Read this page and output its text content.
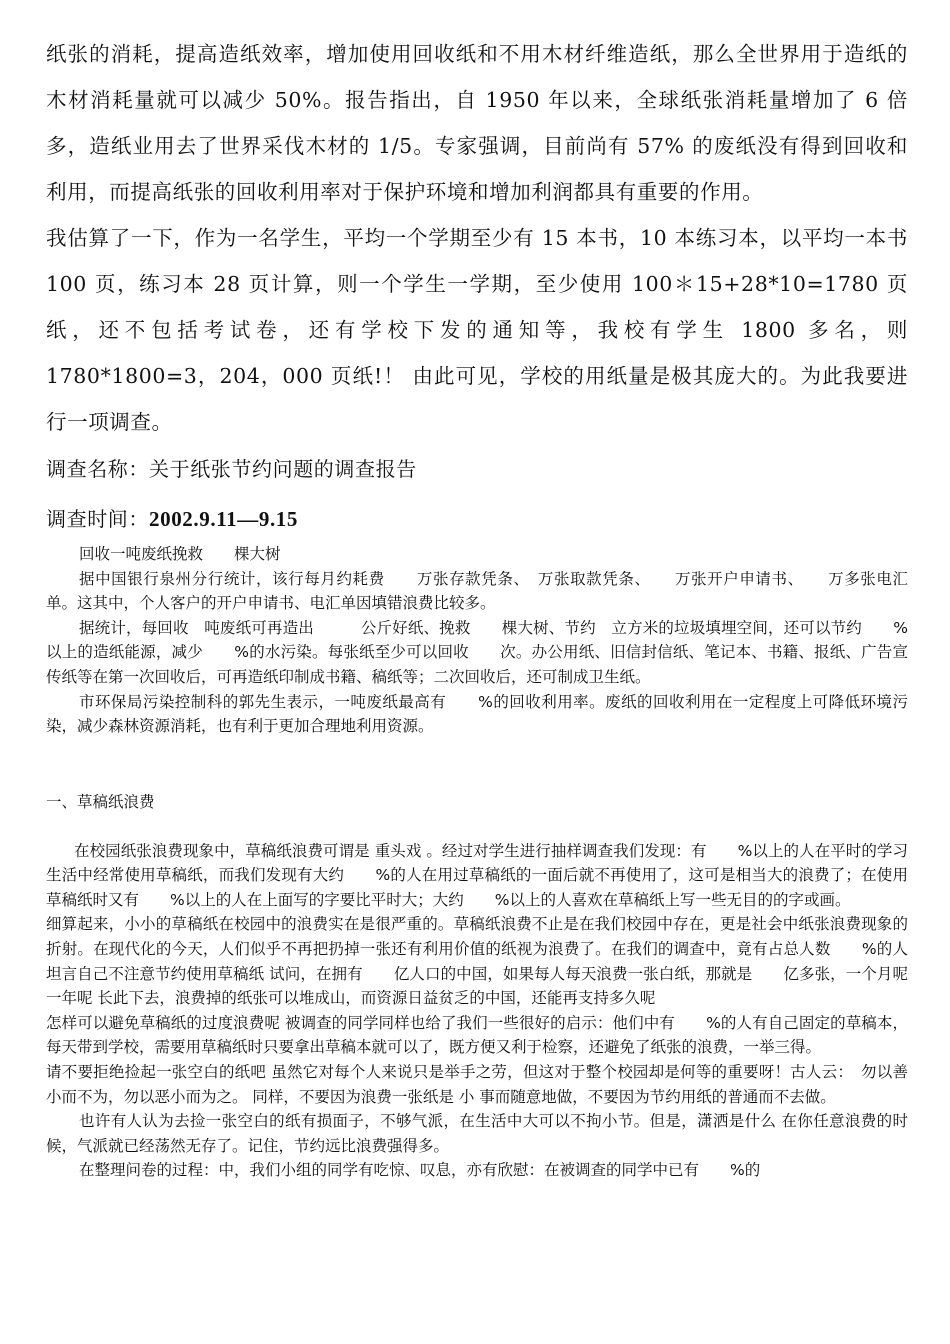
纸张的消耗，提高造纸效率，增加使用回收纸和不用木材纤维造纸，那么全世界用于造纸的木材消耗量就可以减少 50%。报告指出，自 1950 年以来，全球纸张消耗量增加了 6 倍多，造纸业用去了世界采伐木材的 1/5。专家强调，目前尚有 57% 的废纸没有得到回收和利用，而提高纸张的回收利用率对于保护环境和增加利润都具有重要的作用。

我估算了一下，作为一名学生，平均一个学期至少有 15 本书，10 本练习本，以平均一本书 100 页，练习本 28 页计算，则一个学生一学期，至少使用 100＊15+28*10=1780 页纸，还不包括考试卷，还有学校下发的通知等，我校有学生 1800 多名，则 1780*1800=3，204，000 页纸!！ 由此可见，学校的用纸量是极其庞大的。为此我要进行一项调查。

调查名称：关于纸张节约问题的调查报告
调查时间：2002.9.11—9.15

回收一吨废纸挽救　　棵大树

据中国银行泉州分行统计，该行每月约耗费　　万张存款凭条、　万张取款凭条、　　万张开户申请书、　　万多张电汇单。这其中，个人客户的开户申请书、电汇单因填错浪费比较多。

据统计，每回收　吨废纸可再造出　　　公斤好纸、挽救　　棵大树、节约　立方米的垃圾填埋空间，还可以节约　　%以上的造纸能源，减少　　%的水污染。每张纸至少可以回收　　次。办公用纸、旧信封信纸、笔记本、书籍、报纸、广告宣传纸等在第一次回收后，可再造纸印制成书籍、稿纸等；二次回收后，还可制成卫生纸。

市环保局污染控制科的郭先生表示，一吨废纸最高有　　%的回收利用率。废纸的回收利用在一定程度上可降低环境污染，减少森林资源消耗，也有利于更加合理地利用资源。

一、草稿纸浪费

在校园纸张浪费现象中，草稿纸浪费可谓是 重头戏 。经过对学生进行抽样调查我们发现：有　　%以上的人在平时的学习生活中经常使用草稿纸，而我们发现有大约　　%的人在用过草稿纸的一面后就不再使用了，这可是相当大的浪费了；在使用草稿纸时又有　　%以上的人在上面写的字要比平时大；大约　　%以上的人喜欢在草稿纸上写一些无目的的字或画。

细算起来，小小的草稿纸在校园中的浪费实在是很严重的。草稿纸浪费不止是在我们校园中存在，更是社会中纸张浪费现象的折射。在现代化的今天，人们似乎不再把扔掉一张还有利用价值的纸视为浪费了。在我们的调查中，竟有占总人数　　%的人坦言自己不注意节约使用草稿纸 试问，在拥有　　亿人口的中国，如果每人每天浪费一张白纸，那就是　　亿多张，一个月呢 一年呢 长此下去，浪费掉的纸张可以堆成山，而资源日益贫乏的中国，还能再支持多久呢

怎样可以避免草稿纸的过度浪费呢 被调查的同学同样也给了我们一些很好的启示：他们中有　　%的人有自己固定的草稿本，每天带到学校，需要用草稿纸时只要拿出草稿本就可以了，既方便又利于检察，还避免了纸张的浪费，一举三得。

请不要拒绝捡起一张空白的纸吧 虽然它对每个人来说只是举手之劳，但这对于整个校园却是何等的重要呀！古人云：　勿以善小而不为，勿以恶小而为之。 同样，不要因为浪费一张纸是 小 事而随意地做，不要因为节约用纸的普通而不去做。

也许有人认为去捡一张空白的纸有损面子，不够气派，在生活中大可以不拘小节。但是，潇洒是什么 在你任意浪费的时候，气派就已经荡然无存了。记住，节约远比浪费强得多。

在整理问卷的过程：中，我们小组的同学有吃惊、叹息，亦有欣慰：在被调查的同学中已有　　%的
